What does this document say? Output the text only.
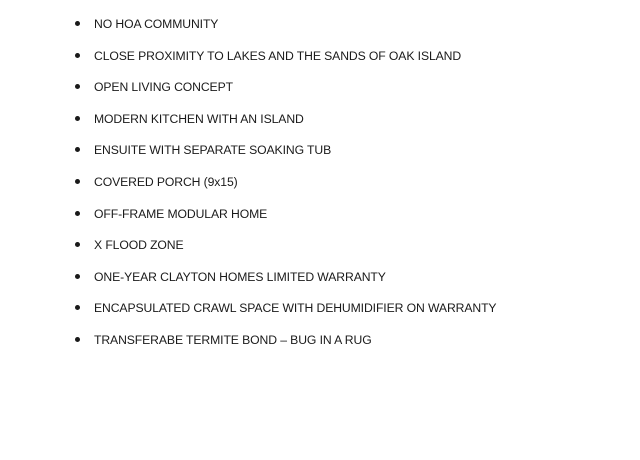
NO HOA COMMUNITY
CLOSE PROXIMITY TO LAKES AND THE SANDS OF OAK ISLAND
OPEN LIVING CONCEPT
MODERN KITCHEN WITH AN ISLAND
ENSUITE WITH SEPARATE SOAKING TUB
COVERED PORCH (9x15)
OFF-FRAME MODULAR HOME
X FLOOD ZONE
ONE-YEAR CLAYTON HOMES LIMITED WARRANTY
ENCAPSULATED CRAWL SPACE WITH DEHUMIDIFIER ON WARRANTY
TRANSFERABE TERMITE BOND – BUG IN A RUG
